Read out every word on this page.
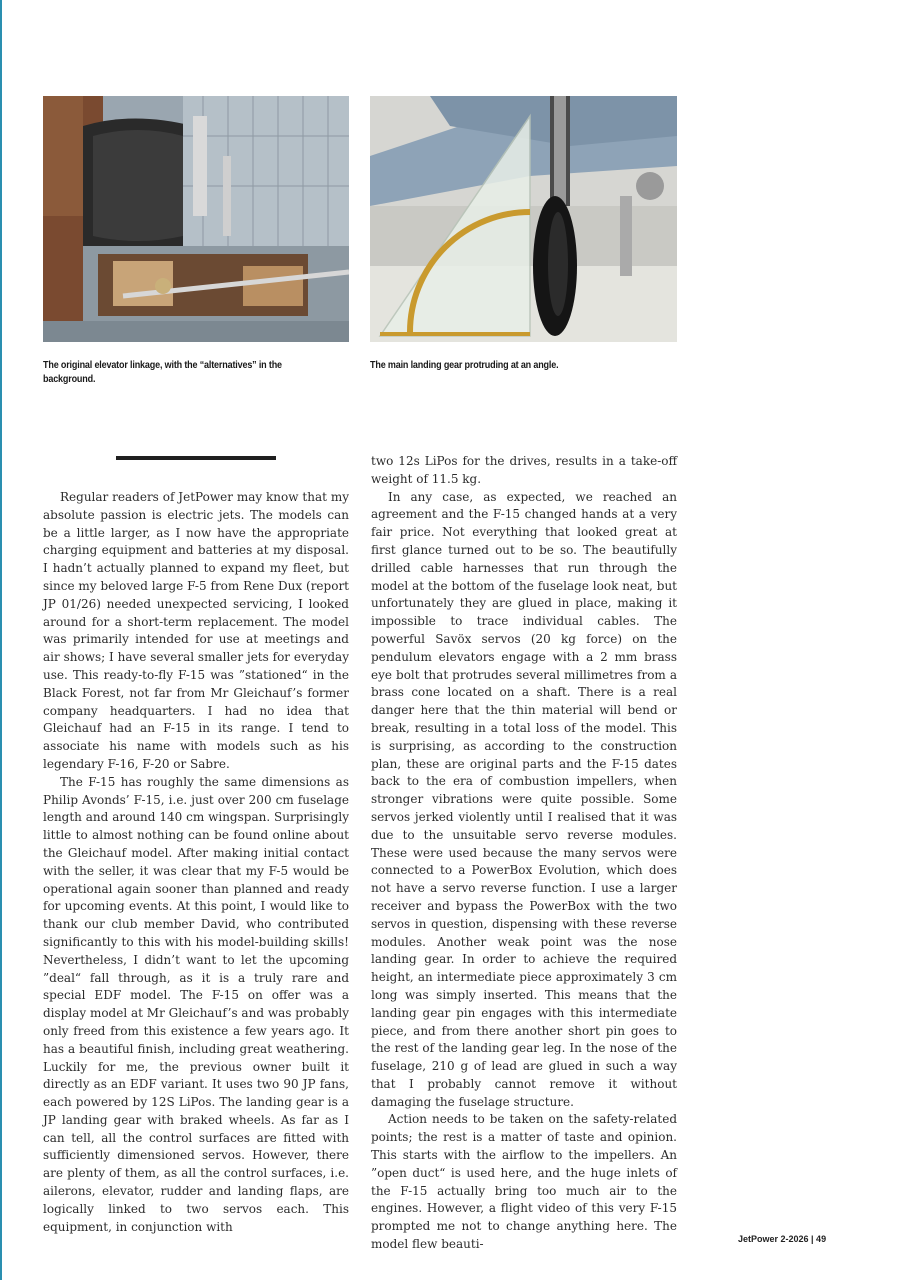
The original elevator linkage, with the “alternatives” in the background.
The main landing gear protruding at an angle.

Regular readers of JetPower may know that my absolute passion is electric jets. The models can be a little larger, as I now have the appropriate charging equipment and batteries at my disposal. I hadn’t actually planned to expand my fleet, but since my beloved large F-5 from Rene Dux (report JP 01/26) needed unexpected servicing, I looked around for a short-term replacement. The model was primarily intended for use at meetings and air shows; I have several smaller jets for everyday use. This ready-to-fly F-15 was ”stationed“ in the Black Forest, not far from Mr Gleichauf’s former company headquarters. I had no idea that Gleichauf had an F-15 in its range. I tend to associate his name with models such as his legendary F-16, F-20 or Sabre.

The F-15 has roughly the same dimensions as Philip Avonds’ F-15, i.e. just over 200 cm fuselage length and around 140 cm wingspan. Surprisingly little to almost nothing can be found online about the Gleichauf model. After making initial contact with the seller, it was clear that my F-5 would be operational again sooner than planned and ready for upcoming events. At this point, I would like to thank our club member David, who contributed significantly to this with his model-building skills! Nevertheless, I didn’t want to let the upcoming ”deal“ fall through, as it is a truly rare and special EDF model. The F-15 on offer was a display model at Mr Gleichauf’s and was probably only freed from this existence a few years ago. It has a beautiful finish, including great weathering. Luckily for me, the previous owner built it directly as an EDF variant. It uses two 90 JP fans, each powered by 12S LiPos. The landing gear is a JP landing gear with braked wheels. As far as I can tell, all the control surfaces are fitted with sufficiently dimensioned servos. However, there are plenty of them, as all the control surfaces, i.e. ailerons, elevator, rudder and landing flaps, are logically linked to two servos each. This equipment, in conjunction with

two 12s LiPos for the drives, results in a take-off weight of 11.5 kg.

In any case, as expected, we reached an agreement and the F-15 changed hands at a very fair price. Not everything that looked great at first glance turned out to be so. The beautifully drilled cable harnesses that run through the model at the bottom of the fuselage look neat, but unfortunately they are glued in place, making it impossible to trace individual cables. The powerful Savöx servos (20 kg force) on the pendulum elevators engage with a 2 mm brass eye bolt that protrudes several millimetres from a brass cone located on a shaft. There is a real danger here that the thin material will bend or break, resulting in a total loss of the model. This is surprising, as according to the construction plan, these are original parts and the F-15 dates back to the era of combustion impellers, when stronger vibrations were quite possible. Some servos jerked violently until I realised that it was due to the unsuitable servo reverse modules. These were used because the many servos were connected to a PowerBox Evolution, which does not have a servo reverse function. I use a larger receiver and bypass the PowerBox with the two servos in question, dispensing with these reverse modules. Another weak point was the nose landing gear. In order to achieve the required height, an intermediate piece approximately 3 cm long was simply inserted. This means that the landing gear pin engages with this intermediate piece, and from there another short pin goes to the rest of the landing gear leg. In the nose of the fuselage, 210 g of lead are glued in such a way that I probably cannot remove it without damaging the fuselage structure.

Action needs to be taken on the safety-related points; the rest is a matter of taste and opinion. This starts with the airflow to the impellers. An ”open duct“ is used here, and the huge inlets of the F-15 actually bring too much air to the engines. However, a flight video of this very F-15 prompted me not to change anything here. The model flew beauti-	JetPower 2-2026 | 49
